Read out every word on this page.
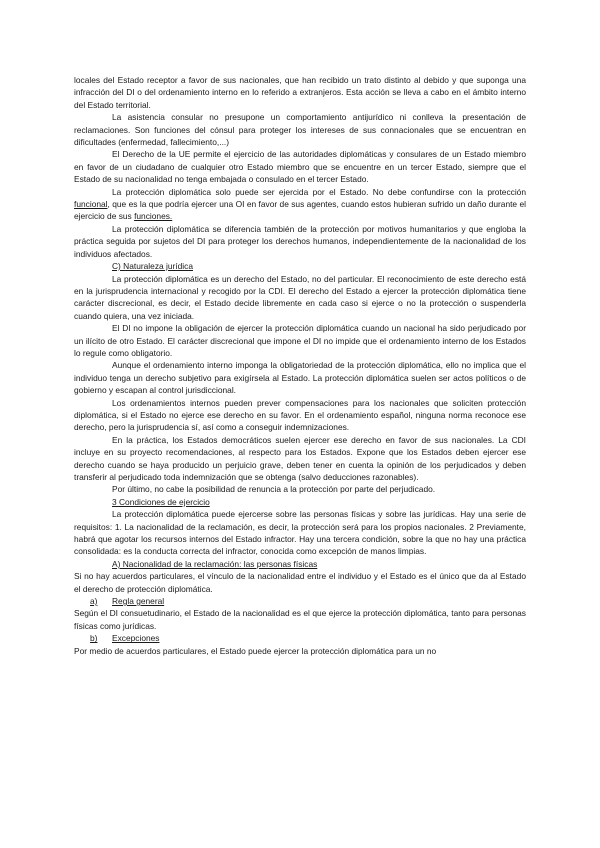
locales del Estado receptor a favor de sus nacionales, que han recibido un trato distinto al debido y que suponga una infracción del DI o del ordenamiento interno en lo referido a extranjeros. Esta acción se lleva a cabo en el ámbito interno del Estado territorial.

La asistencia consular no presupone un comportamiento antijurídico ni conlleva la presentación de reclamaciones. Son funciones del cónsul para proteger los intereses de sus connacionales que se encuentran en dificultades (enfermedad, fallecimiento,...)

El Derecho de la UE permite el ejercicio de las autoridades diplomáticas y consulares de un Estado miembro en favor de un ciudadano de cualquier otro Estado miembro que se encuentre en un tercer Estado, siempre que el Estado de su nacionalidad no tenga embajada o consulado en el tercer Estado.

La protección diplomática solo puede ser ejercida por el Estado. No debe confundirse con la protección funcional, que es la que podría ejercer una OI en favor de sus agentes, cuando estos hubieran sufrido un daño durante el ejercicio de sus funciones.

La protección diplomática se diferencia también de la protección por motivos humanitarios y que engloba la práctica seguida por sujetos del DI para proteger los derechos humanos, independientemente de la nacionalidad de los individuos afectados.

C) Naturaleza jurídica

La protección diplomática es un derecho del Estado, no del particular. El reconocimiento de este derecho está en la jurisprudencia internacional y recogido por la CDI. El derecho del Estado a ejercer la protección diplomática tiene carácter discrecional, es decir, el Estado decide libremente en cada caso si ejerce o no la protección o suspenderla cuando quiera, una vez iniciada.

El DI no impone la obligación de ejercer la protección diplomática cuando un nacional ha sido perjudicado por un ilícito de otro Estado. El carácter discrecional que impone el DI no impide que el ordenamiento interno de los Estados lo regule como obligatorio.

Aunque el ordenamiento interno imponga la obligatoriedad de la protección diplomática, ello no implica que el individuo tenga un derecho subjetivo para exigírsela al Estado. La protección diplomática suelen ser actos políticos o de gobierno y escapan al control jurisdiccional.

Los ordenamientos internos pueden prever compensaciones para los nacionales que soliciten protección diplomática, si el Estado no ejerce ese derecho en su favor. En el ordenamiento español, ninguna norma reconoce ese derecho, pero la jurisprudencia sí, así como a conseguir indemnizaciones.

En la práctica, los Estados democráticos suelen ejercer ese derecho en favor de sus nacionales. La CDI incluye en su proyecto recomendaciones, al respecto para los Estados. Expone que los Estados deben ejercer ese derecho cuando se haya producido un perjuicio grave, deben tener en cuenta la opinión de los perjudicados y deben transferir al perjudicado toda indemnización que se obtenga (salvo deducciones razonables).

Por último, no cabe la posibilidad de renuncia a la protección por parte del perjudicado.

3 Condiciones de ejercicio

La protección diplomática puede ejercerse sobre las personas físicas y sobre las jurídicas. Hay una serie de requisitos: 1. La nacionalidad de la reclamación, es decir, la protección será para los propios nacionales. 2 Previamente, habrá que agotar los recursos internos del Estado infractor. Hay una tercera condición, sobre la que no hay una práctica consolidada: es la conducta correcta del infractor, conocida como excepción de manos limpias.

A) Nacionalidad de la reclamación: las personas físicas

Si no hay acuerdos particulares, el vínculo de la nacionalidad entre el individuo y el Estado es el único que da al Estado el derecho de protección diplomática.

a) Regla general

Según el DI consuetudinario, el Estado de la nacionalidad es el que ejerce la protección diplomática, tanto para personas físicas como jurídicas.

b) Excepciones

Por medio de acuerdos particulares, el Estado puede ejercer la protección diplomática para un no
